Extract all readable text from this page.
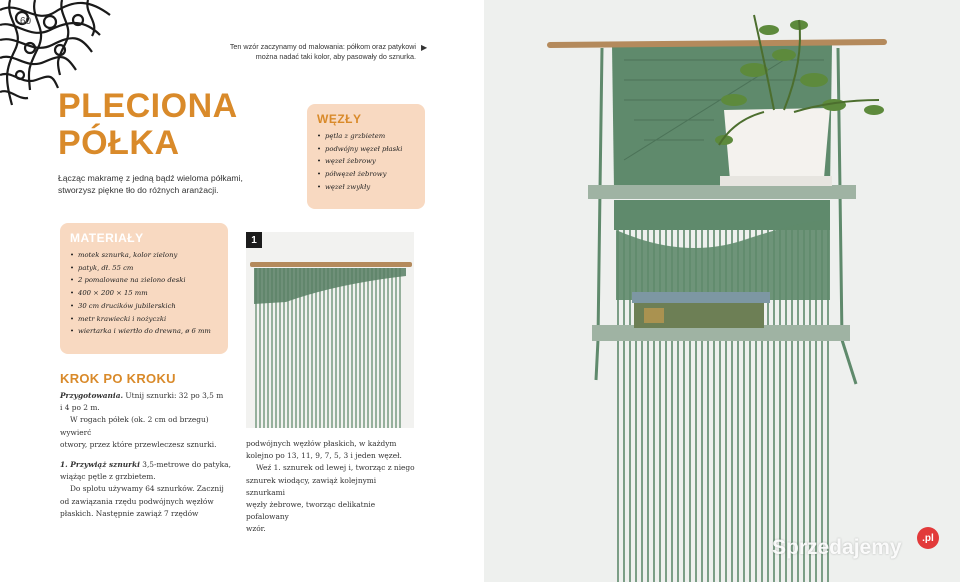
60
Ten wzór zaczynamy od malowania: półkom oraz patykowi
można nadać taki kolor, aby pasowały do sznurka.
▶
PLECIONA
PÓŁKA
Łącząc makramę z jedną bądź wieloma półkami,
stworzysz piękne tło do różnych aranżacji.
WĘZŁY
• pętla z grzbietem
• podwójny węzeł płaski
• węzeł żebrowy
• półwęzeł żebrowy
• węzeł zwykły
MATERIAŁY
• motek sznurka, kolor zielony
• patyk, dł. 55 cm
• 2 pomalowane na zielono deski
• 400 × 200 × 15 mm
• 30 cm drucików jubilerskich
• metr krawiecki i nożyczki
• wiertarka i wiertło do drewna, ø 6 mm
KROK PO KROKU

Przygotowania. Utnij sznurki: 32 po 3,5 m

i 4 po 2 m.

W rogach półek (ok. 2 cm od brzegu) wywierć

otwory, przez które przewleczesz sznurki.

1. Przywiąż sznurki 3,5-metrowe do patyka,

wiążąc pętle z grzbietem.

Do splotu używamy 64 sznurków. Zacznij

od zawiązania rzędu podwójnych węzłów

płaskich. Następnie zawiąż 7 rzędów

1

podwójnych węzłów płaskich, w każdym

kolejno po 13, 11, 9, 7, 5, 3 i jeden węzeł.

Weź 1. sznurek od lewej i, tworząc z niego

sznurek wiodący, zawiąż kolejnymi sznurkami

węzły żebrowe, tworząc delikatnie pofalowany

wzór.

Sprzedajemy	.pl
